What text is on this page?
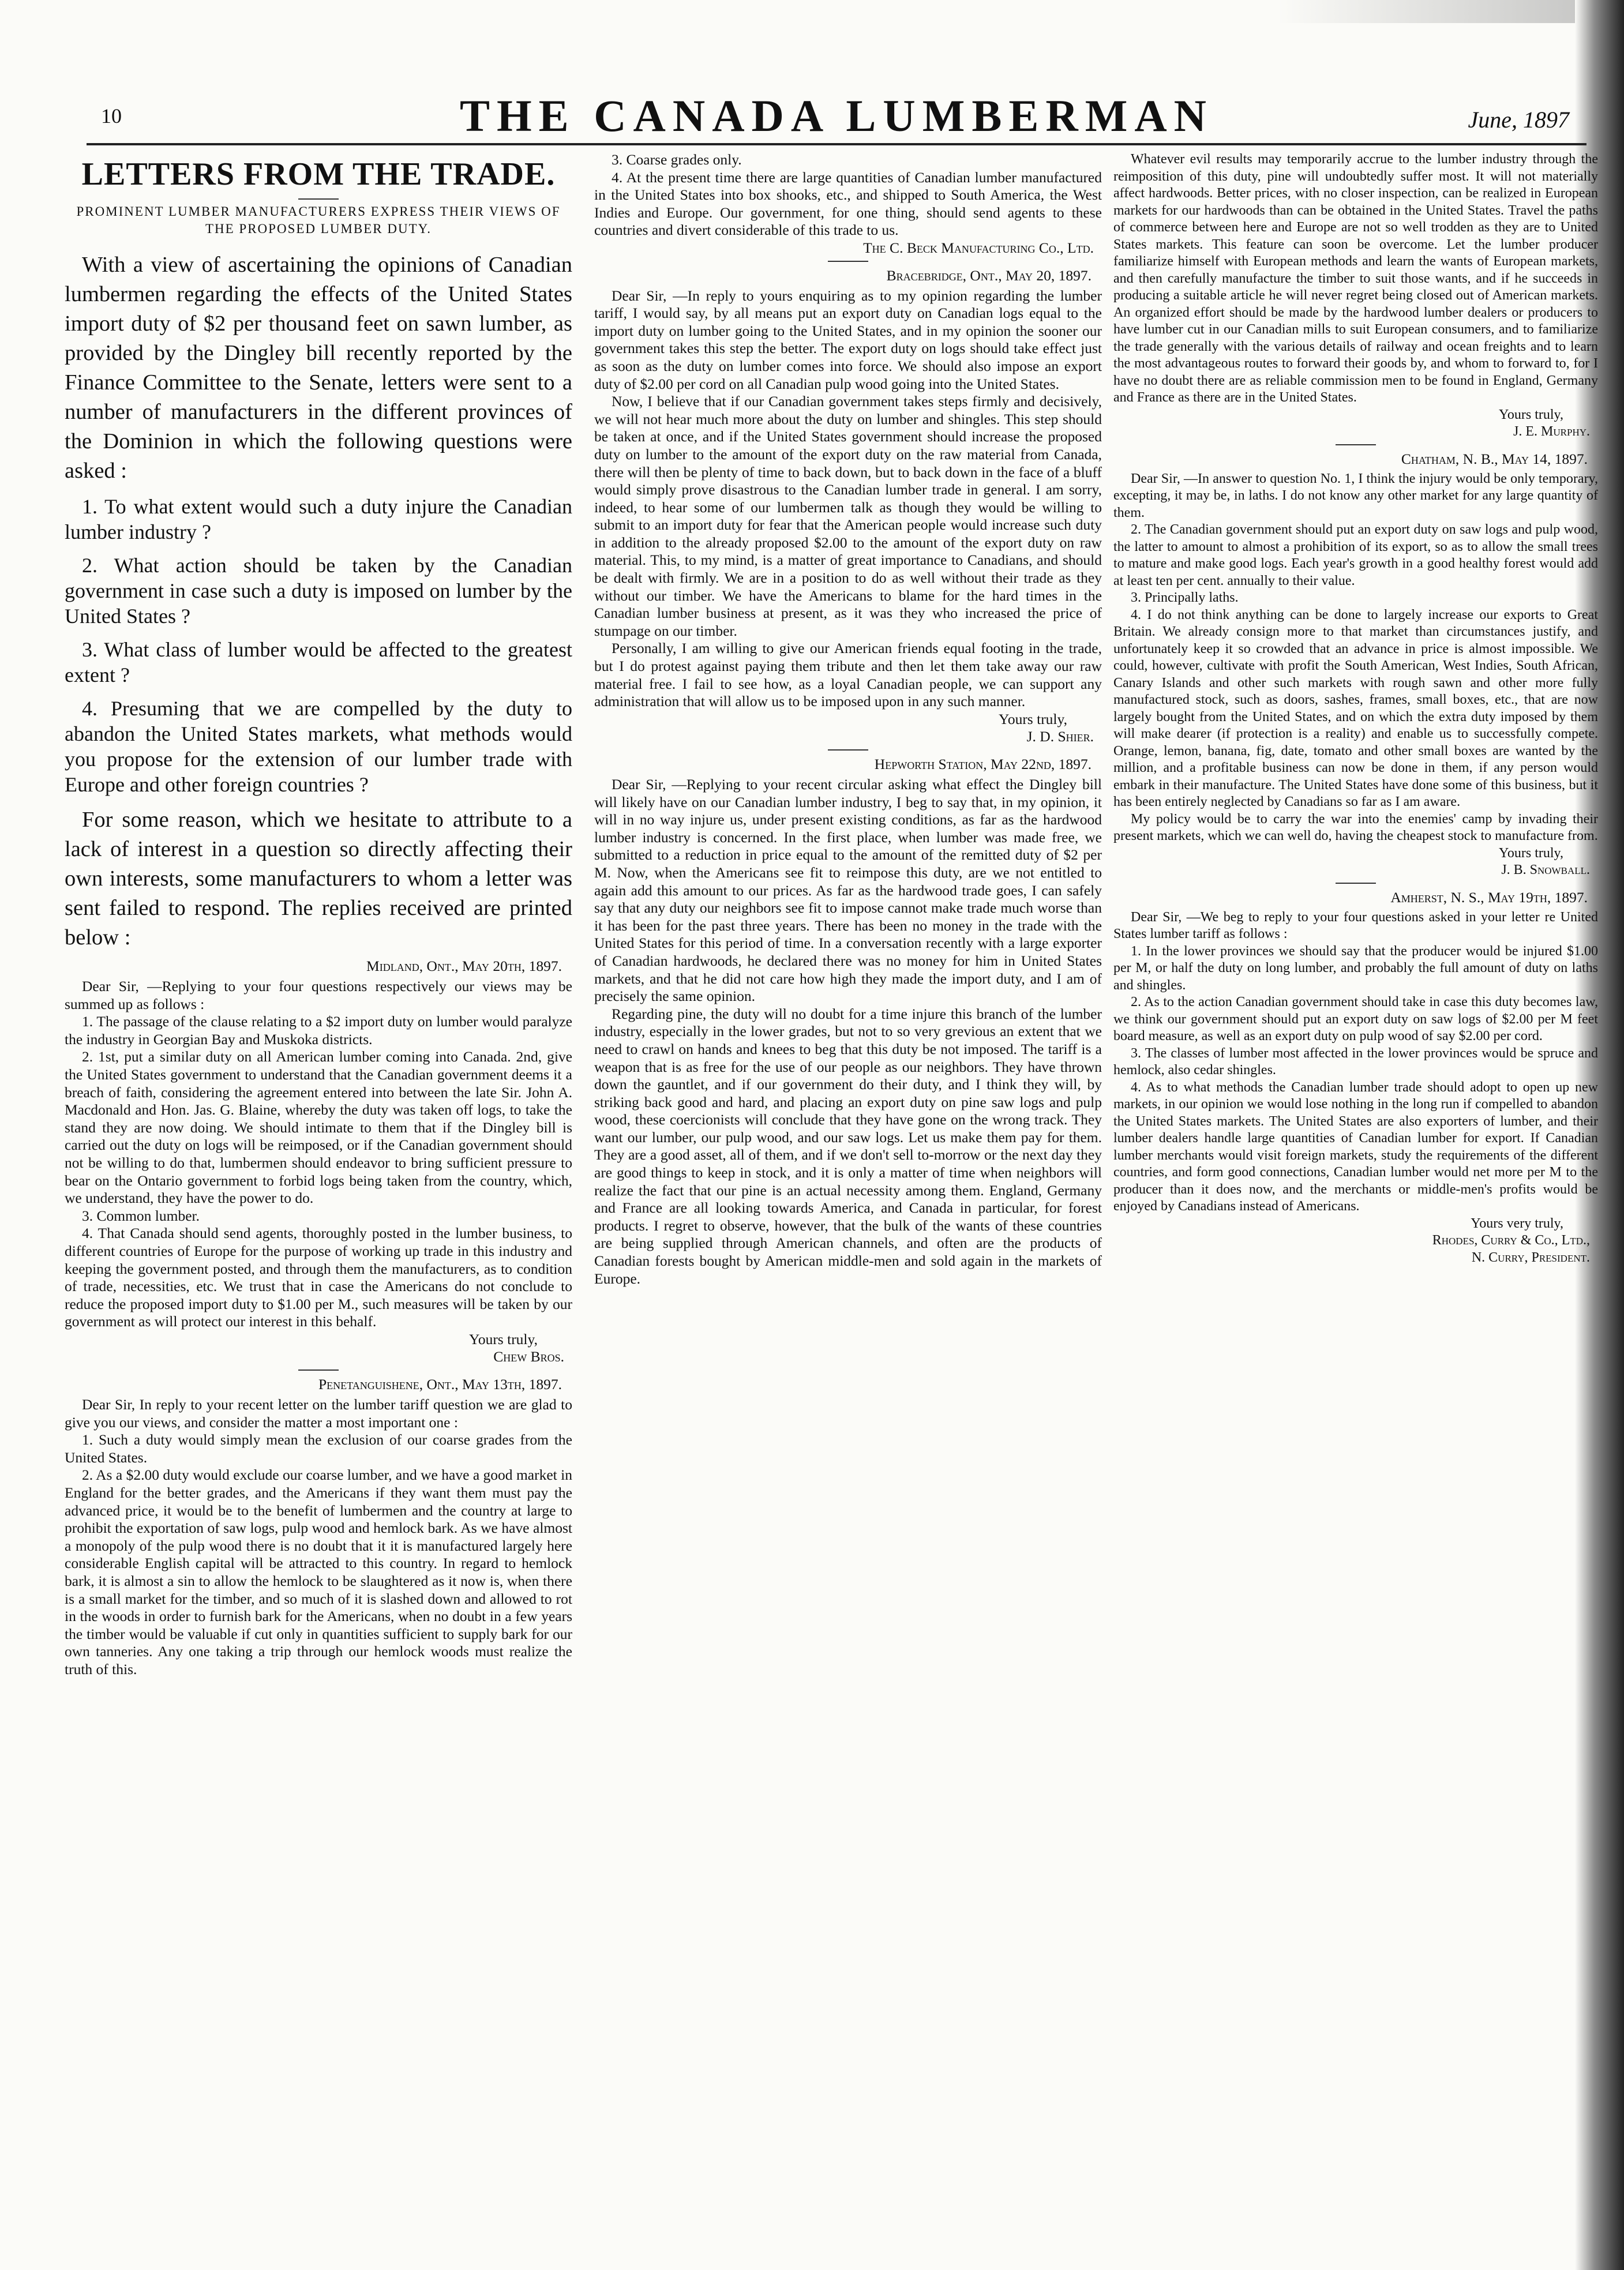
10	THE CANADA LUMBERMAN	June, 1897
LETTERS FROM THE TRADE.
PROMINENT LUMBER MANUFACTURERS EXPRESS THEIR VIEWS OF THE PROPOSED LUMBER DUTY.

With a view of ascertaining the opinions of Canadian lumbermen regarding the effects of the United States import duty of $2 per thousand feet on sawn lumber, as provided by the Dingley bill recently reported by the Finance Committee to the Senate, letters were sent to a number of manufacturers in the different provinces of the Dominion in which the following questions were asked :

1. To what extent would such a duty injure the Canadian lumber industry ?

2. What action should be taken by the Canadian government in case such a duty is imposed on lumber by the United States ?

3. What class of lumber would be affected to the greatest extent ?

4. Presuming that we are compelled by the duty to abandon the United States markets, what methods would you propose for the extension of our lumber trade with Europe and other foreign countries ?

For some reason, which we hesitate to attribute to a lack of interest in a question so directly affecting their own interests, some manufacturers to whom a letter was sent failed to respond. The replies received are printed below :

Midland, Ont., May 20th, 1897.

Dear Sir, —Replying to your four questions respectively our views may be summed up as follows :

1. The passage of the clause relating to a $2 import duty on lumber would paralyze the industry in Georgian Bay and Muskoka districts.

2. 1st, put a similar duty on all American lumber coming into Canada. 2nd, give the United States government to understand that the Canadian government deems it a breach of faith, considering the agreement entered into between the late Sir. John A. Macdonald and Hon. Jas. G. Blaine, whereby the duty was taken off logs, to take the stand they are now doing. We should intimate to them that if the Dingley bill is carried out the duty on logs will be reimposed, or if the Canadian government should not be willing to do that, lumbermen should endeavor to bring sufficient pressure to bear on the Ontario government to forbid logs being taken from the country, which, we understand, they have the power to do.

3. Common lumber.

4. That Canada should send agents, thoroughly posted in the lumber business, to different countries of Europe for the purpose of working up trade in this industry and keeping the government posted, and through them the manufacturers, as to condition of trade, necessities, etc. We trust that in case the Americans do not conclude to reduce the proposed import duty to $1.00 per M., such measures will be taken by our government as will protect our interest in this behalf.

Yours truly,

Chew Bros.

Penetanguishene, Ont., May 13th, 1897.

Dear Sir, In reply to your recent letter on the lumber tariff question we are glad to give you our views, and consider the matter a most important one :

1. Such a duty would simply mean the exclusion of our coarse grades from the United States.

2. As a $2.00 duty would exclude our coarse lumber, and we have a good market in England for the better grades, and the Americans if they want them must pay the advanced price, it would be to the benefit of lumbermen and the country at large to prohibit the exportation of saw logs, pulp wood and hemlock bark. As we have almost a monopoly of the pulp wood there is no doubt that it it is manufactured largely here considerable English capital will be attracted to this country. In regard to hemlock bark, it is almost a sin to allow the hemlock to be slaughtered as it now is, when there is a small market for the timber, and so much of it is slashed down and allowed to rot in the woods in order to furnish bark for the Americans, when no doubt in a few years the timber would be valuable if cut only in quantities sufficient to supply bark for our own tanneries. Any one taking a trip through our hemlock woods must realize the truth of this.

3. Coarse grades only.

4. At the present time there are large quantities of Canadian lumber manufactured in the United States into box shooks, etc., and shipped to South America, the West Indies and Europe. Our government, for one thing, should send agents to these countries and divert considerable of this trade to us.

The C. Beck Manufacturing Co., Ltd.

Bracebridge, Ont., May 20, 1897.

Dear Sir, —In reply to yours enquiring as to my opinion regarding the lumber tariff, I would say, by all means put an export duty on Canadian logs equal to the import duty on lumber going to the United States, and in my opinion the sooner our government takes this step the better. The export duty on logs should take effect just as soon as the duty on lumber comes into force. We should also impose an export duty of $2.00 per cord on all Canadian pulp wood going into the United States.

Now, I believe that if our Canadian government takes steps firmly and decisively, we will not hear much more about the duty on lumber and shingles. This step should be taken at once, and if the United States government should increase the proposed duty on lumber to the amount of the export duty on the raw material from Canada, there will then be plenty of time to back down, but to back down in the face of a bluff would simply prove disastrous to the Canadian lumber trade in general. I am sorry, indeed, to hear some of our lumbermen talk as though they would be willing to submit to an import duty for fear that the American people would increase such duty in addition to the already proposed $2.00 to the amount of the export duty on raw material. This, to my mind, is a matter of great importance to Canadians, and should be dealt with firmly. We are in a position to do as well without their trade as they without our timber. We have the Americans to blame for the hard times in the Canadian lumber business at present, as it was they who increased the price of stumpage on our timber.

Personally, I am willing to give our American friends equal footing in the trade, but I do protest against paying them tribute and then let them take away our raw material free. I fail to see how, as a loyal Canadian people, we can support any administration that will allow us to be imposed upon in any such manner.

Yours truly,

J. D. Shier.

Hepworth Station, May 22nd, 1897.

Dear Sir, —Replying to your recent circular asking what effect the Dingley bill will likely have on our Canadian lumber industry, I beg to say that, in my opinion, it will in no way injure us, under present existing conditions, as far as the hardwood lumber industry is concerned. In the first place, when lumber was made free, we submitted to a reduction in price equal to the amount of the remitted duty of $2 per M. Now, when the Americans see fit to reimpose this duty, are we not entitled to again add this amount to our prices. As far as the hardwood trade goes, I can safely say that any duty our neighbors see fit to impose cannot make trade much worse than it has been for the past three years. There has been no money in the trade with the United States for this period of time. In a conversation recently with a large exporter of Canadian hardwoods, he declared there was no money for him in United States markets, and that he did not care how high they made the import duty, and I am of precisely the same opinion.

Regarding pine, the duty will no doubt for a time injure this branch of the lumber industry, especially in the lower grades, but not to so very grevious an extent that we need to crawl on hands and knees to beg that this duty be not imposed. The tariff is a weapon that is as free for the use of our people as our neighbors. They have thrown down the gauntlet, and if our government do their duty, and I think they will, by striking back good and hard, and placing an export duty on pine saw logs and pulp wood, these coercionists will conclude that they have gone on the wrong track. They want our lumber, our pulp wood, and our saw logs. Let us make them pay for them. They are a good asset, all of them, and if we don't sell to-morrow or the next day they are good things to keep in stock, and it is only a matter of time when neighbors will realize the fact that our pine is an actual necessity among them. England, Germany and France are all looking towards America, and Canada in particular, for forest products. I regret to observe, however, that the bulk of the wants of these countries are being supplied through American channels, and often are the products of Canadian forests bought by American middle-men and sold again in the markets of Europe.

Whatever evil results may temporarily accrue to the lumber industry through the reimposition of this duty, pine will undoubtedly suffer most. It will not materially affect hardwoods. Better prices, with no closer inspection, can be realized in European markets for our hardwoods than can be obtained in the United States. Travel the paths of commerce between here and Europe are not so well trodden as they are to United States markets. This feature can soon be overcome. Let the lumber producer familiarize himself with European methods and learn the wants of European markets, and then carefully manufacture the timber to suit those wants, and if he succeeds in producing a suitable article he will never regret being closed out of American markets. An organized effort should be made by the hardwood lumber dealers or producers to have lumber cut in our Canadian mills to suit European consumers, and to familiarize the trade generally with the various details of railway and ocean freights and to learn the most advantageous routes to forward their goods by, and whom to forward to, for I have no doubt there are as reliable commission men to be found in England, Germany and France as there are in the United States.

Yours truly,

J. E. Murphy.

Chatham, N. B., May 14, 1897.

Dear Sir, —In answer to question No. 1, I think the injury would be only temporary, excepting, it may be, in laths. I do not know any other market for any large quantity of them.

2. The Canadian government should put an export duty on saw logs and pulp wood, the latter to amount to almost a prohibition of its export, so as to allow the small trees to mature and make good logs. Each year's growth in a good healthy forest would add at least ten per cent. annually to their value.

3. Principally laths.

4. I do not think anything can be done to largely increase our exports to Great Britain. We already consign more to that market than circumstances justify, and unfortunately keep it so crowded that an advance in price is almost impossible. We could, however, cultivate with profit the South American, West Indies, South African, Canary Islands and other such markets with rough sawn and other more fully manufactured stock, such as doors, sashes, frames, small boxes, etc., that are now largely bought from the United States, and on which the extra duty imposed by them will make dearer (if protection is a reality) and enable us to successfully compete. Orange, lemon, banana, fig, date, tomato and other small boxes are wanted by the million, and a profitable business can now be done in them, if any person would embark in their manufacture. The United States have done some of this business, but it has been entirely neglected by Canadians so far as I am aware.

My policy would be to carry the war into the enemies' camp by invading their present markets, which we can well do, having the cheapest stock to manufacture from.

Yours truly,

J. B. Snowball.

Amherst, N. S., May 19th, 1897.

Dear Sir, —We beg to reply to your four questions asked in your letter re United States lumber tariff as follows :

1. In the lower provinces we should say that the producer would be injured $1.00 per M, or half the duty on long lumber, and probably the full amount of duty on laths and shingles.

2. As to the action Canadian government should take in case this duty becomes law, we think our government should put an export duty on saw logs of $2.00 per M feet board measure, as well as an export duty on pulp wood of say $2.00 per cord.

3. The classes of lumber most affected in the lower provinces would be spruce and hemlock, also cedar shingles.

4. As to what methods the Canadian lumber trade should adopt to open up new markets, in our opinion we would lose nothing in the long run if compelled to abandon the United States markets. The United States are also exporters of lumber, and their lumber dealers handle large quantities of Canadian lumber for export. If Canadian lumber merchants would visit foreign markets, study the requirements of the different countries, and form good connections, Canadian lumber would net more per M to the producer than it does now, and the merchants or middle-men's profits would be enjoyed by Canadians instead of Americans.

Yours very truly,

Rhodes, Curry & Co., Ltd.,

N. Curry, President.
